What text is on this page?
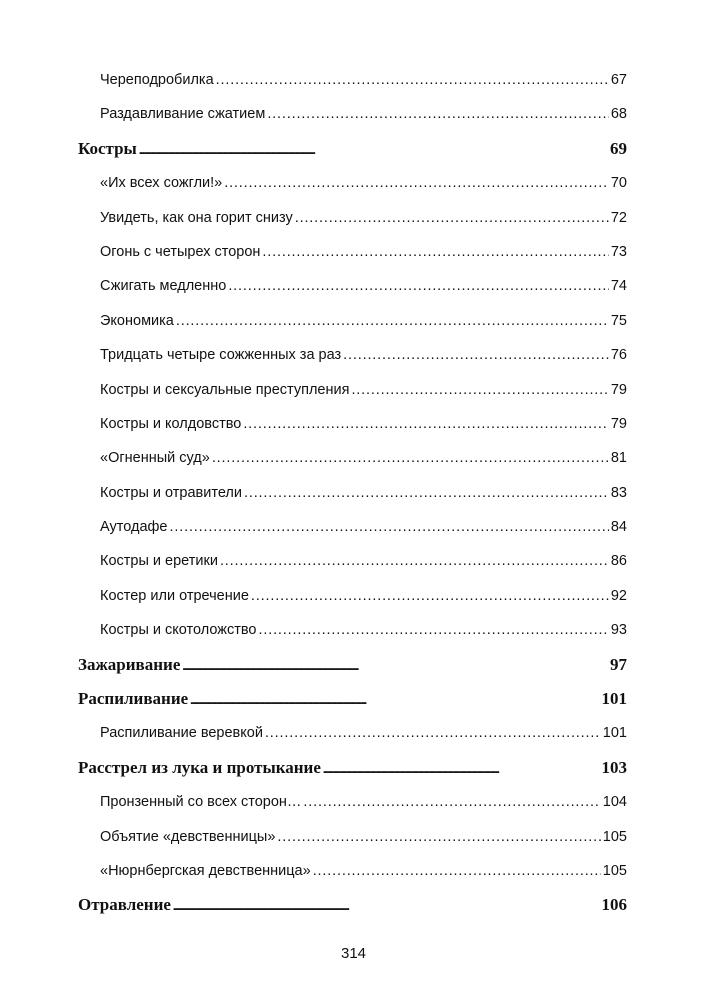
Череподробилка . . .	67
Раздавливание сжатием . . .	68
Костры . . .	69
«Их всех сожгли!» . . .	70
Увидеть, как она горит снизу . . .	72
Огонь с четырех сторон . . .	73
Сжигать медленно . . .	74
Экономика . . .	75
Тридцать четыре сожженных за раз . . .	76
Костры и сексуальные преступления . . .	79
Костры и колдовство . . .	79
«Огненный суд» . . .	81
Костры и отравители . . .	83
Аутодафе . . .	84
Костры и еретики . . .	86
Костер или отречение . . .	92
Костры и скотоложство . . .	93
Зажаривание . . .	97
Распиливание . . .	101
Распиливание веревкой . . .	101
Расстрел из лука и протыкание . . .	103
Пронзенный со всех сторон… . . .	104
Объятие «девственницы» . . .	105
«Нюрнбергская девственница» . . .	105
Отравление . . .	106
314
